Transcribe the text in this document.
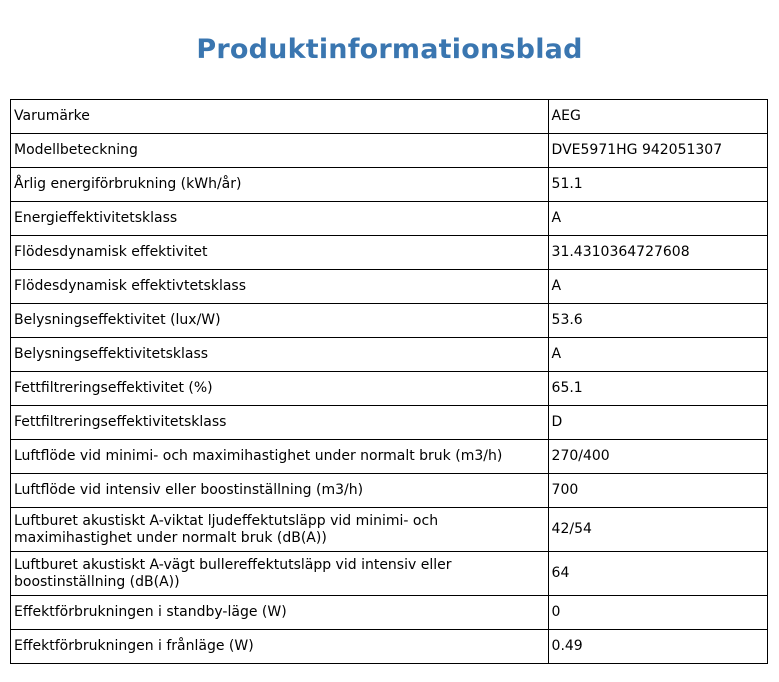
Produktinformationsblad
Varumärke	AEG
Modellbeteckning	DVE5971HG 942051307
Årlig energiförbrukning (kWh/år)	51.1
Energieffektivitetsklass	A
Flödesdynamisk effektivitet	31.4310364727608
Flödesdynamisk effektivtetsklass	A
Belysningseffektivitet (lux/W)	53.6
Belysningseffektivitetsklass	A
Fettfiltreringseffektivitet (%)	65.1
Fettfiltreringseffektivitetsklass	D
Luftflöde vid minimi- och maximihastighet under normalt bruk (m3/h)	270/400
Luftflöde vid intensiv eller boostinställning (m3/h)	700
Luftburet akustiskt A-viktat ljudeffektutsläpp vid minimi- och maximihastighet under normalt bruk (dB(A))	42/54
Luftburet akustiskt A-vägt bullereffektutsläpp vid intensiv eller boostinställning (dB(A))	64
Effektförbrukningen i standby-läge (W)	0
Effektförbrukningen i frånläge (W)	0.49
